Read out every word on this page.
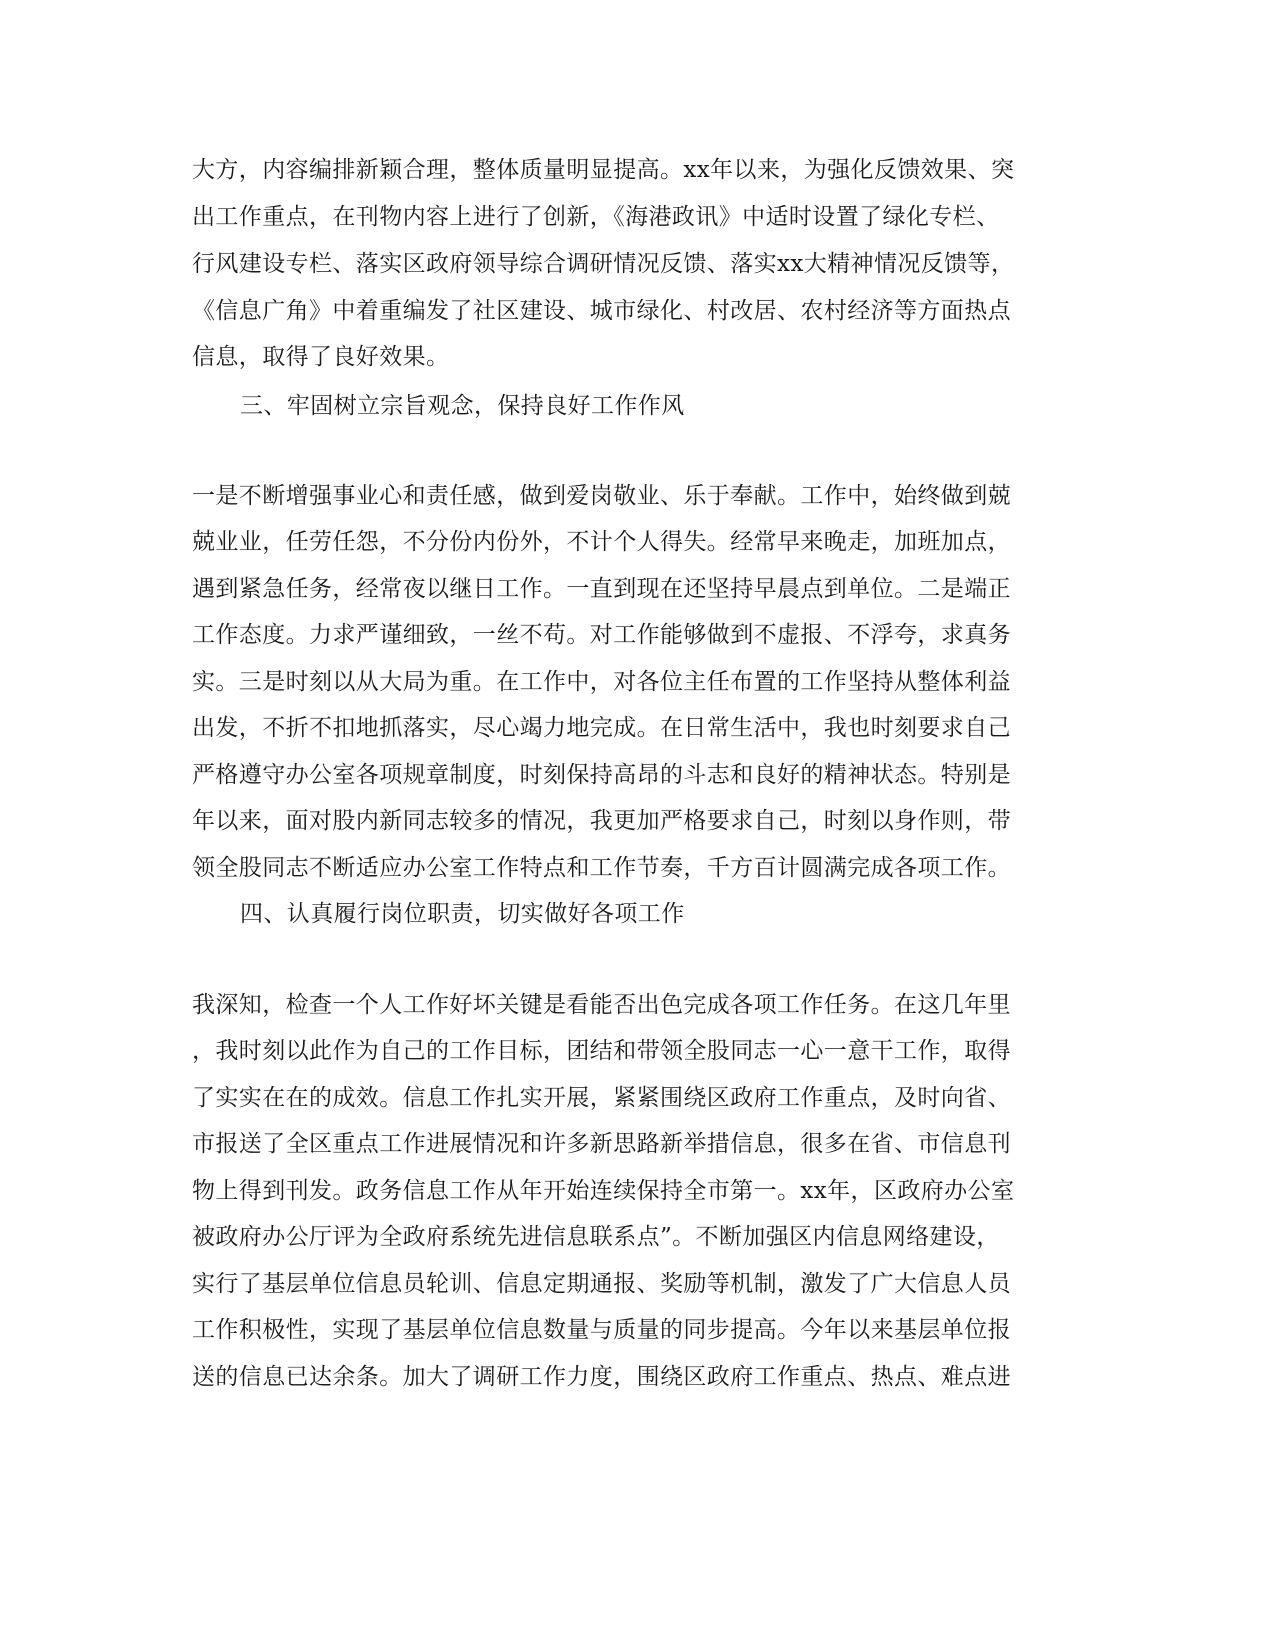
大方，内容编排新颖合理，整体质量明显提高。xx年以来，为强化反馈效果、突
出工作重点，在刊物内容上进行了创新，《海港政讯》中适时设置了绿化专栏、
行风建设专栏、落实区政府领导综合调研情况反馈、落实xx大精神情况反馈等，
《信息广角》中着重编发了社区建设、城市绿化、村改居、农村经济等方面热点
信息，取得了良好效果。
三、牢固树立宗旨观念，保持良好工作作风
一是不断增强事业心和责任感，做到爱岗敬业、乐于奉献。工作中，始终做到兢
兢业业，任劳任怨，不分份内份外，不计个人得失。经常早来晚走，加班加点，
遇到紧急任务，经常夜以继日工作。一直到现在还坚持早晨点到单位。二是端正
工作态度。力求严谨细致，一丝不苟。对工作能够做到不虚报、不浮夸，求真务
实。三是时刻以从大局为重。在工作中，对各位主任布置的工作坚持从整体利益
出发，不折不扣地抓落实，尽心竭力地完成。在日常生活中，我也时刻要求自己
严格遵守办公室各项规章制度，时刻保持高昂的斗志和良好的精神状态。特别是
年以来，面对股内新同志较多的情况，我更加严格要求自己，时刻以身作则，带
领全股同志不断适应办公室工作特点和工作节奏，千方百计圆满完成各项工作。
四、认真履行岗位职责，切实做好各项工作
我深知，检查一个人工作好坏关键是看能否出色完成各项工作任务。在这几年里
，我时刻以此作为自己的工作目标，团结和带领全股同志一心一意干工作，取得
了实实在在的成效。信息工作扎实开展，紧紧围绕区政府工作重点，及时向省、
市报送了全区重点工作进展情况和许多新思路新举措信息，很多在省、市信息刊
物上得到刊发。政务信息工作从年开始连续保持全市第一。xx年，区政府办公室
被政府办公厅评为全政府系统先进信息联系点”。不断加强区内信息网络建设，
实行了基层单位信息员轮训、信息定期通报、奖励等机制，激发了广大信息人员
工作积极性，实现了基层单位信息数量与质量的同步提高。今年以来基层单位报
送的信息已达余条。加大了调研工作力度，围绕区政府工作重点、热点、难点进
